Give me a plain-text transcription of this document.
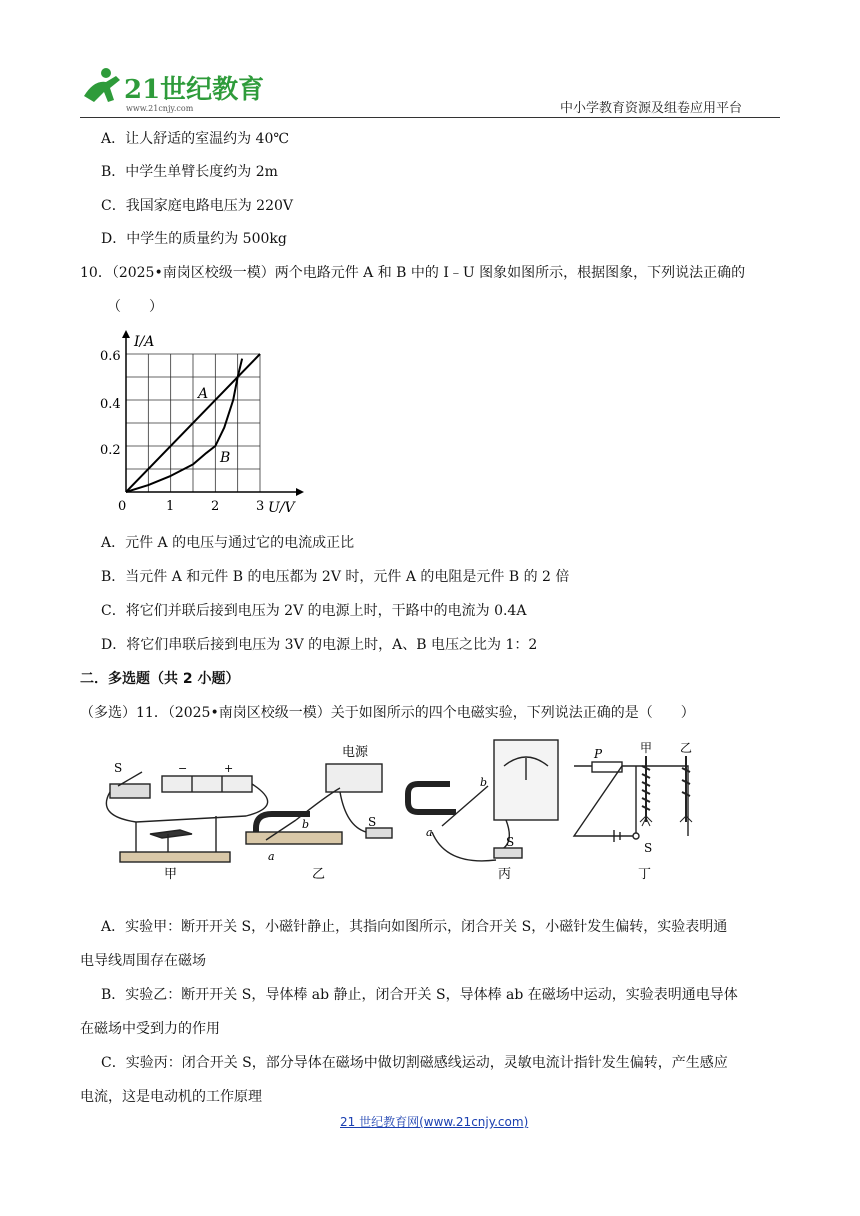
21世纪教育
www.21cnjy.com	中小学教育资源及组卷应用平台
A．让人舒适的室温约为 40℃
B．中学生单臂长度约为 2m
C．我国家庭电路电压为 220V
D．中学生的质量约为 500kg
10．（2025•南岗区校级一模）两个电路元件 A 和 B 中的 I﹣U 图象如图所示，根据图象，下列说法正确的
（　　）
I/A
U/V
0	1	2	3
0.2
0.4
0.6
A
B
A．元件 A 的电压与通过它的电流成正比
B．当元件 A 和元件 B 的电压都为 2V 时，元件 A 的电阻是元件 B 的 2 倍
C．将它们并联后接到电压为 2V 的电源上时，干路中的电流为 0.4A
D．将它们串联后接到电压为 3V 的电源上时，A、B 电压之比为 1：2
二．多选题（共 2 小题）
（多选）11．（2025•南岗区校级一模）关于如图所示的四个电磁实验，下列说法正确的是（　　）
S	−	+
甲
电源
b
a
S
乙
b
a
S
丙
P	甲 乙
S
丁
A．实验甲：断开开关 S，小磁针静止，其指向如图所示，闭合开关 S，小磁针发生偏转，实验表明通
电导线周围存在磁场
B．实验乙：断开开关 S，导体棒 ab 静止，闭合开关 S，导体棒 ab 在磁场中运动，实验表明通电导体
在磁场中受到力的作用
C．实验丙：闭合开关 S，部分导体在磁场中做切割磁感线运动，灵敏电流计指针发生偏转，产生感应
电流，这是电动机的工作原理
21 世纪教育网(www.21cnjy.com)
